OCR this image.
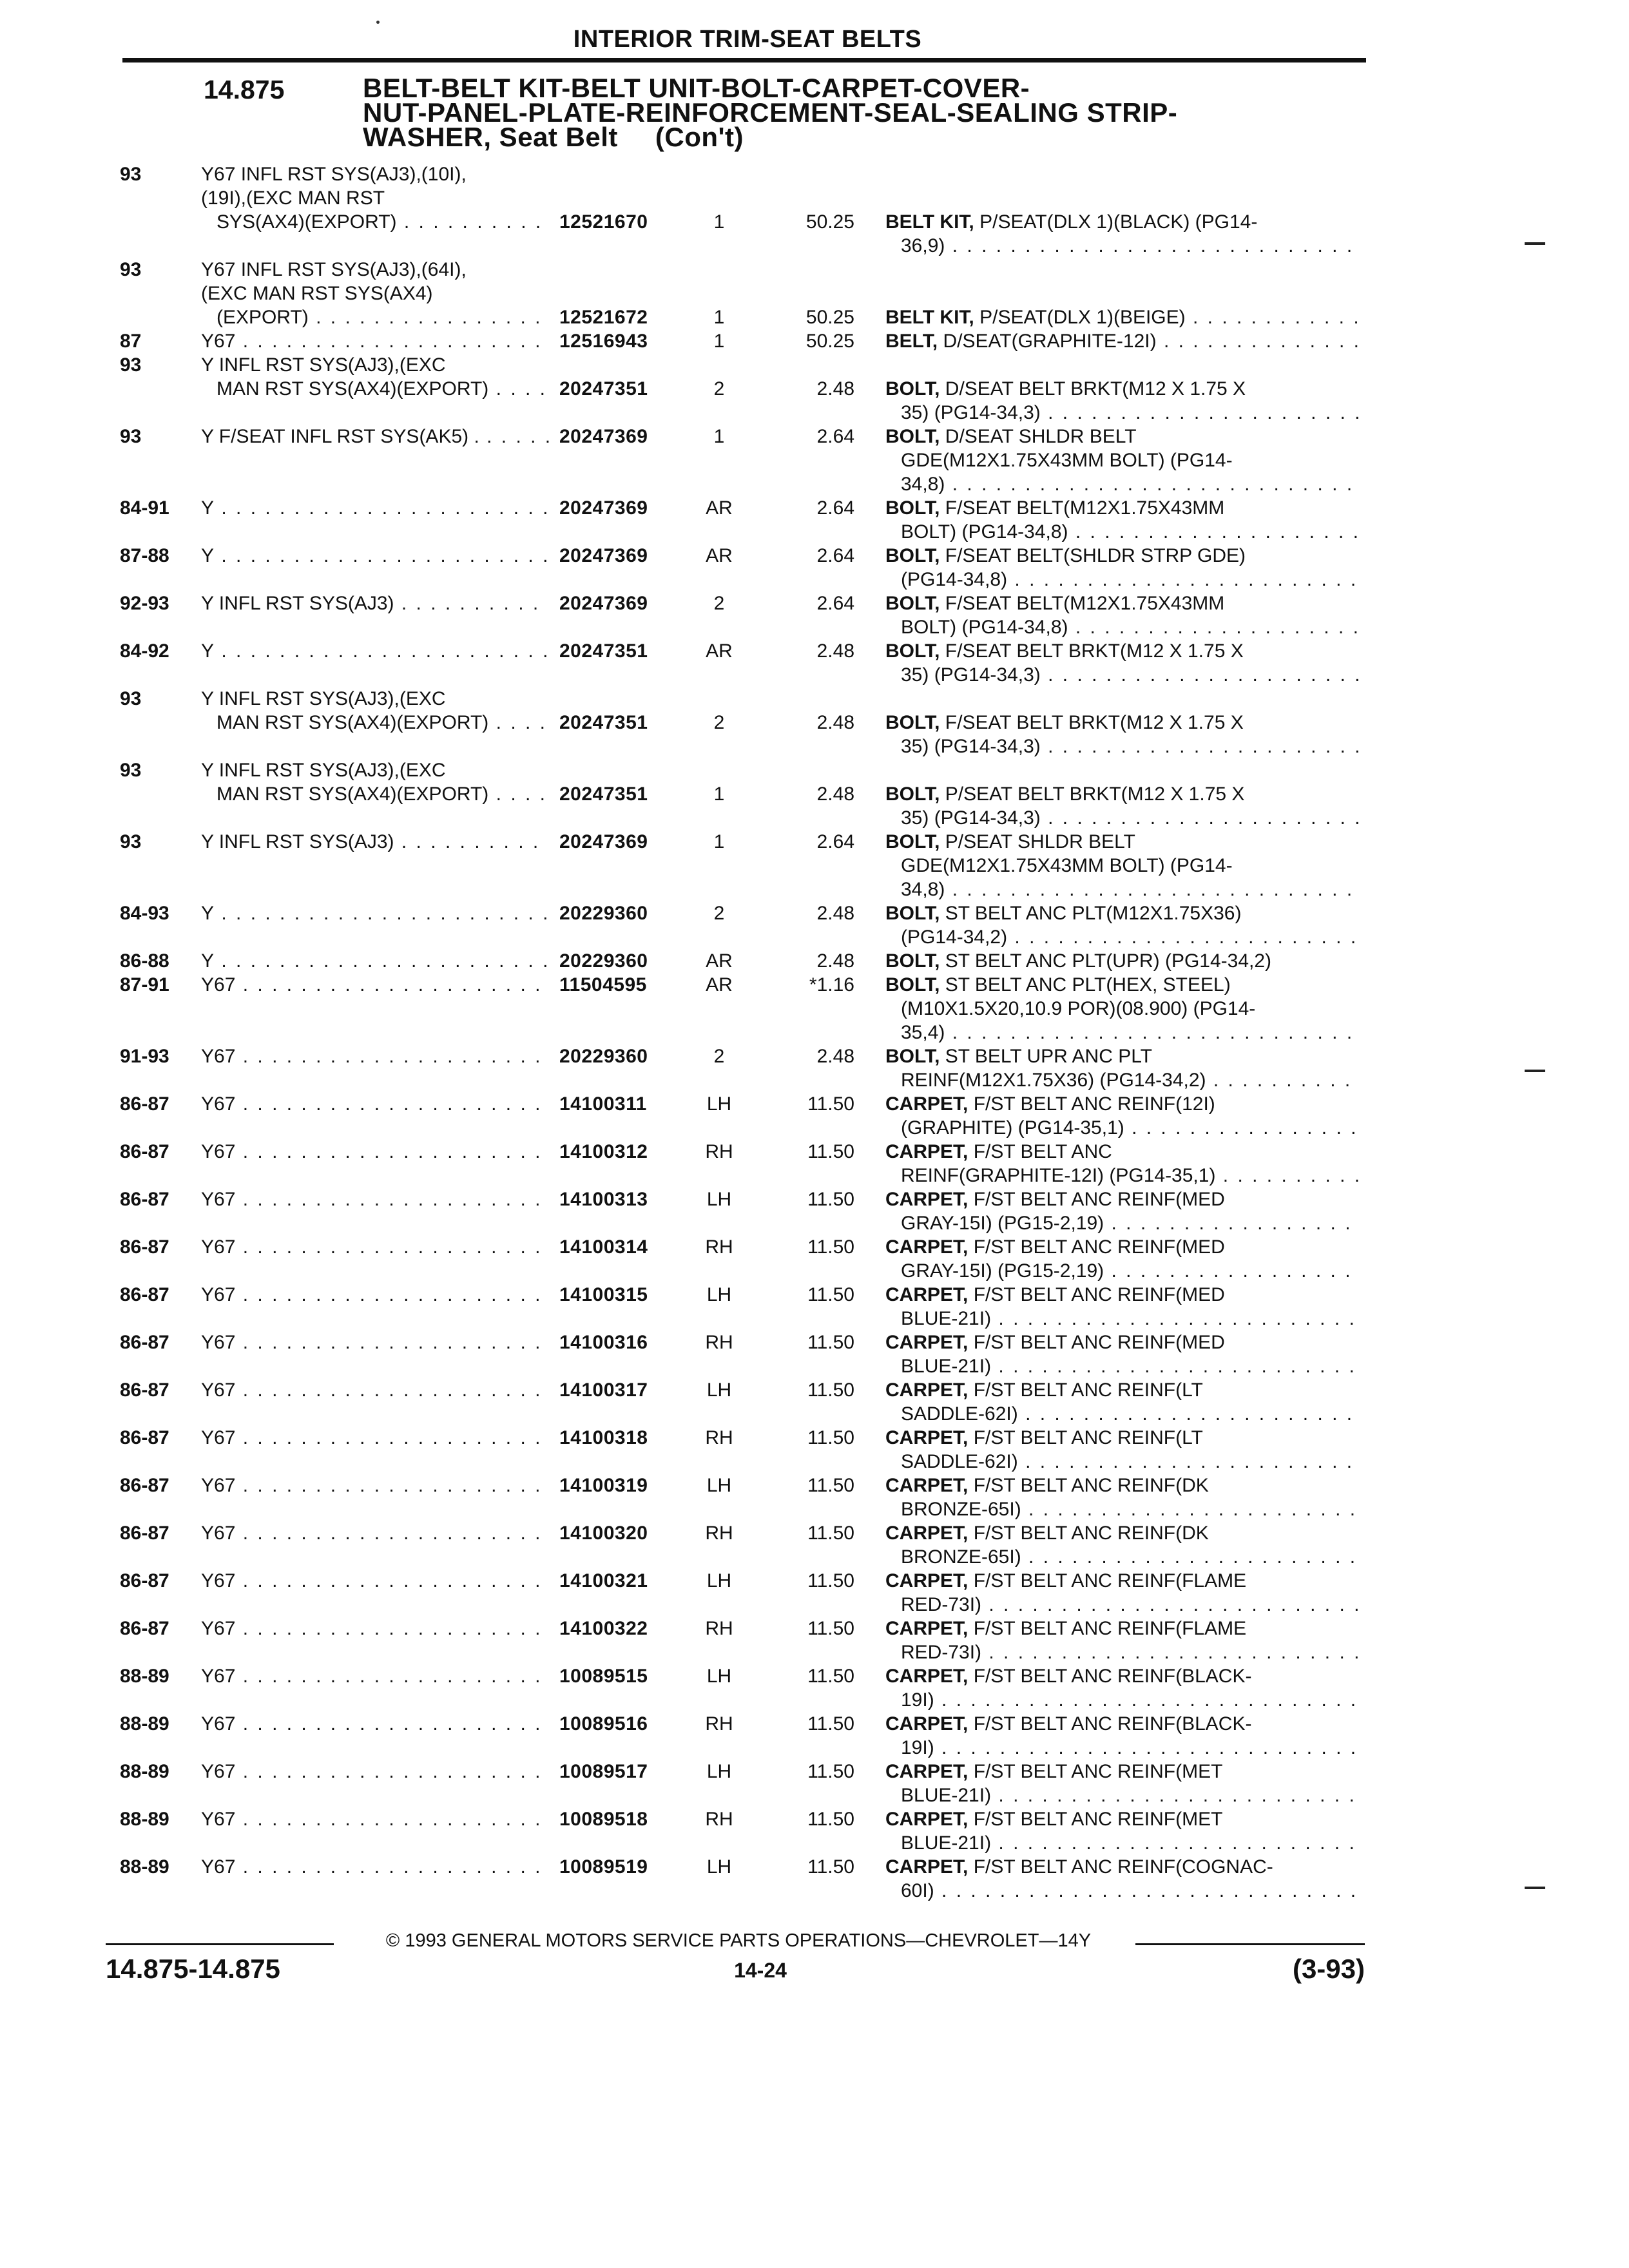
INTERIOR TRIM-SEAT BELTS
14.875	BELT-BELT KIT-BELT UNIT-BOLT-CARPET-COVER-
NUT-PANEL-PLATE-REINFORCEMENT-SEAL-SEALING STRIP-
WASHER, Seat Belt (Con't)
93	Y67 INFL RST SYS(AJ3),(10I),
(19I),(EXC MAN RST
SYS(AX4)(EXPORT) . . .	12521670	1	50.25 BELT KIT, P/SEAT(DLX 1)(BLACK) (PG14-
36,9) . . .
93	Y67 INFL RST SYS(AJ3),(64I),
(EXC MAN RST SYS(AX4)
(EXPORT) . . .	12521672	1	50.25 BELT KIT, P/SEAT(DLX 1)(BEIGE) . . .
87	Y67 . . .	12516943	1	50.25 BELT, D/SEAT(GRAPHITE-12I) . . .
93	Y INFL RST SYS(AJ3),(EXC
MAN RST SYS(AX4)(EXPORT) . . .	20247351	2	2.48 BOLT, D/SEAT BELT BRKT(M12 X 1.75 X
35) (PG14-34,3) . . .
93	Y F/SEAT INFL RST SYS(AK5) . . . .	20247369	1	2.64 BOLT, D/SEAT SHLDR BELT
GDE(M12X1.75X43MM BOLT) (PG14-
34,8) . . .
84-91 Y . . .	20247369	AR	2.64 BOLT, F/SEAT BELT(M12X1.75X43MM
BOLT) (PG14-34,8) . . .
87-88 Y . . .	20247369	AR	2.64 BOLT, F/SEAT BELT(SHLDR STRP GDE)
(PG14-34,8) . . .
92-93 Y INFL RST SYS(AJ3) . . .	20247369	2	2.64 BOLT, F/SEAT BELT(M12X1.75X43MM
BOLT) (PG14-34,8) . . .
84-92 Y . . .	20247351	AR	2.48 BOLT, F/SEAT BELT BRKT(M12 X 1.75 X
35) (PG14-34,3) . . .
93	Y INFL RST SYS(AJ3),(EXC
MAN RST SYS(AX4)(EXPORT) . . .	20247351	2	2.48 BOLT, F/SEAT BELT BRKT(M12 X 1.75 X
35) (PG14-34,3) . . .
93	Y INFL RST SYS(AJ3),(EXC
MAN RST SYS(AX4)(EXPORT) . . .	20247351	1	2.48 BOLT, P/SEAT BELT BRKT(M12 X 1.75 X
35) (PG14-34,3) . . .
93	Y INFL RST SYS(AJ3) . . .	20247369	1	2.64 BOLT, P/SEAT SHLDR BELT
GDE(M12X1.75X43MM BOLT) (PG14-
34,8) . . .
84-93 Y . . .	20229360	2	2.48 BOLT, ST BELT ANC PLT(M12X1.75X36)
(PG14-34,2) . . .
86-88 Y . . .	20229360	AR	2.48 BOLT, ST BELT ANC PLT(UPR) (PG14-34,2)
87-91 Y67 . . .	11504595	AR	*1.16 BOLT, ST BELT ANC PLT(HEX, STEEL)
(M10X1.5X20,10.9 POR)(08.900) (PG14-
35,4) . . .
91-93 Y67 . . .	20229360	2	2.48 BOLT, ST BELT UPR ANC PLT
REINF(M12X1.75X36) (PG14-34,2) . . .
86-87 Y67 . . .	14100311	LH	11.50 CARPET, F/ST BELT ANC REINF(12I)
(GRAPHITE) (PG14-35,1) . . .
86-87 Y67 . . .	14100312	RH	11.50 CARPET, F/ST BELT ANC
REINF(GRAPHITE-12I) (PG14-35,1) . . .
86-87 Y67 . . .	14100313	LH	11.50 CARPET, F/ST BELT ANC REINF(MED
GRAY-15I) (PG15-2,19) . . .
86-87 Y67 . . .	14100314	RH	11.50 CARPET, F/ST BELT ANC REINF(MED
GRAY-15I) (PG15-2,19) . . .
86-87 Y67 . . .	14100315	LH	11.50 CARPET, F/ST BELT ANC REINF(MED
BLUE-21I) . . .
86-87 Y67 . . .	14100316	RH	11.50 CARPET, F/ST BELT ANC REINF(MED
BLUE-21I) . . .
86-87 Y67 . . .	14100317	LH	11.50 CARPET, F/ST BELT ANC REINF(LT
SADDLE-62I) . . .
86-87 Y67 . . .	14100318	RH	11.50 CARPET, F/ST BELT ANC REINF(LT
SADDLE-62I) . . .
86-87 Y67 . . .	14100319	LH	11.50 CARPET, F/ST BELT ANC REINF(DK
BRONZE-65I) . . .
86-87 Y67 . . .	14100320	RH	11.50 CARPET, F/ST BELT ANC REINF(DK
BRONZE-65I) . . .
86-87 Y67 . . .	14100321	LH	11.50 CARPET, F/ST BELT ANC REINF(FLAME
RED-73I) . . .
86-87 Y67 . . .	14100322	RH	11.50 CARPET, F/ST BELT ANC REINF(FLAME
RED-73I) . . .
88-89 Y67 . . .	10089515	LH	11.50 CARPET, F/ST BELT ANC REINF(BLACK-
19I) . . .
88-89 Y67 . . .	10089516	RH	11.50 CARPET, F/ST BELT ANC REINF(BLACK-
19I) . . .
88-89 Y67 . . .	10089517	LH	11.50 CARPET, F/ST BELT ANC REINF(MET
BLUE-21I) . . .
88-89 Y67 . . .	10089518	RH	11.50 CARPET, F/ST BELT ANC REINF(MET
BLUE-21I) . . .
88-89 Y67 . . .	10089519	LH	11.50 CARPET, F/ST BELT ANC REINF(COGNAC-
60I) . . .
© 1993 GENERAL MOTORS SERVICE PARTS OPERATIONS—CHEVROLET—14Y
14.875-14.875	14-24	(3-93)
